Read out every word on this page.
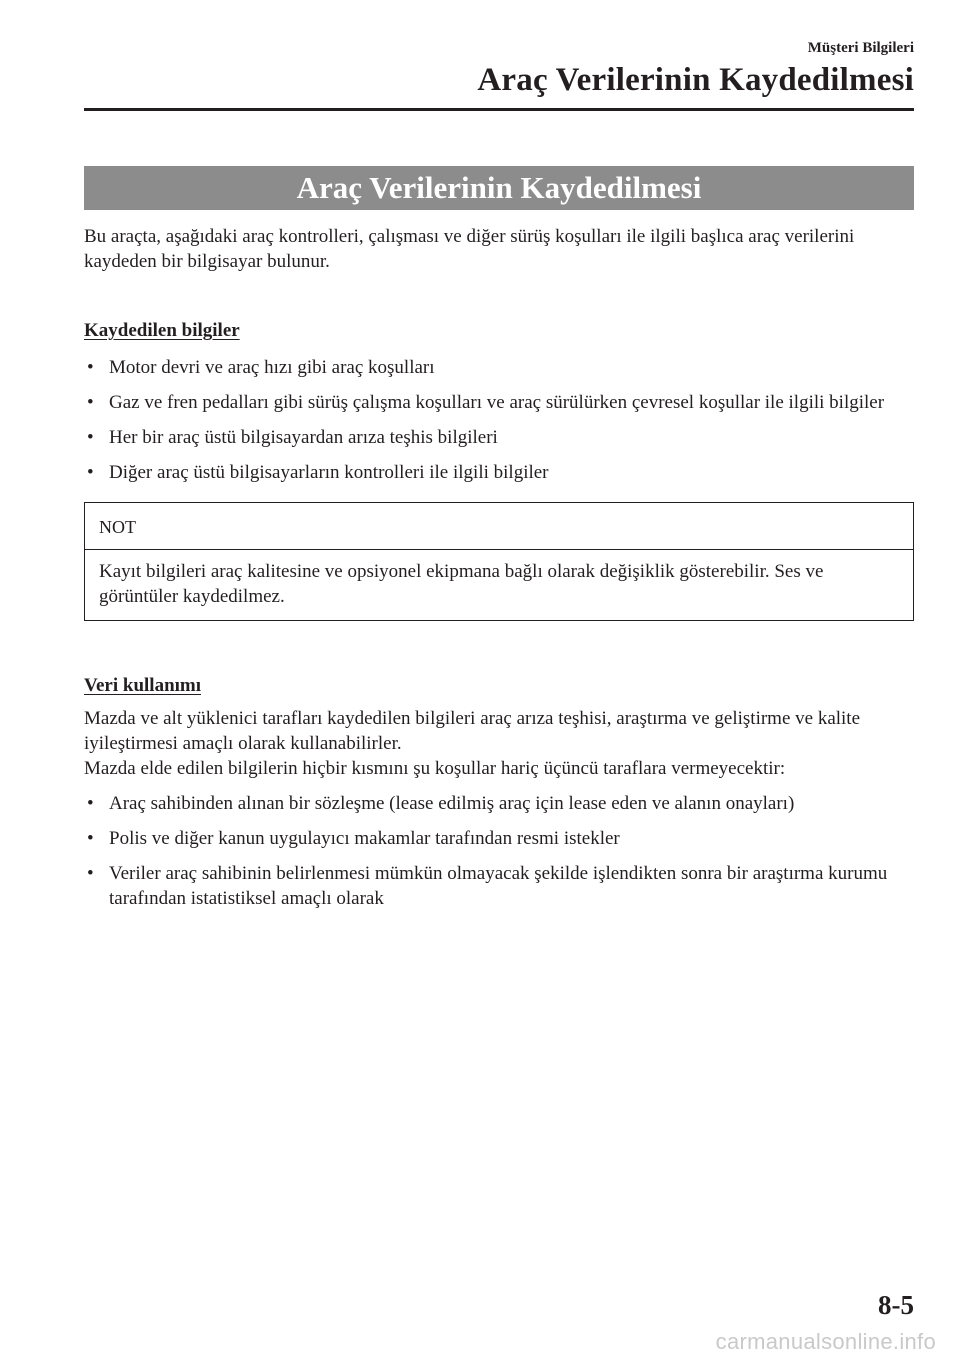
Müşteri Bilgileri
Araç Verilerinin Kaydedilmesi
Araç Verilerinin Kaydedilmesi

Bu araçta, aşağıdaki araç kontrolleri, çalışması ve diğer sürüş koşulları ile ilgili başlıca araç verilerini kaydeden bir bilgisayar bulunur.

Kaydedilen bilgiler

• Motor devri ve araç hızı gibi araç koşulları
• Gaz ve fren pedalları gibi sürüş çalışma koşulları ve araç sürülürken çevresel koşullar ile ilgili bilgiler
• Her bir araç üstü bilgisayardan arıza teşhis bilgileri
• Diğer araç üstü bilgisayarların kontrolleri ile ilgili bilgiler
NOT
Kayıt bilgileri araç kalitesine ve opsiyonel ekipmana bağlı olarak değişiklik gösterebilir. Ses ve görüntüler kaydedilmez.

Veri kullanımı

Mazda ve alt yüklenici tarafları kaydedilen bilgileri araç arıza teşhisi, araştırma ve geliştirme ve kalite iyileştirmesi amaçlı olarak kullanabilirler.

Mazda elde edilen bilgilerin hiçbir kısmını şu koşullar hariç üçüncü taraflara vermeyecektir:

• Araç sahibinden alınan bir sözleşme (lease edilmiş araç için lease eden ve alanın onayları)
• Polis ve diğer kanun uygulayıcı makamlar tarafından resmi istekler
• Veriler araç sahibinin belirlenmesi mümkün olmayacak şekilde işlendikten sonra bir araştırma kurumu tarafından istatistiksel amaçlı olarak
8-5
carmanualsonline.info
